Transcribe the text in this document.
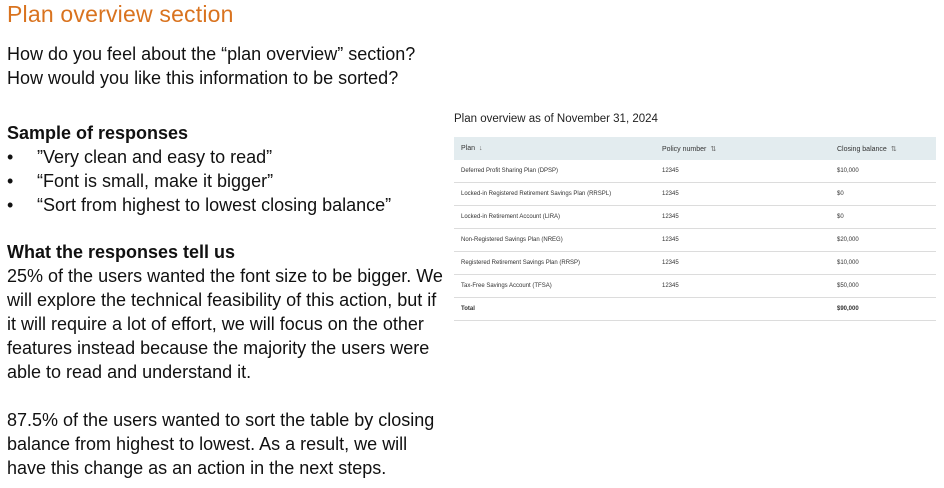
Plan overview section

How do you feel about the “plan overview” section? How would you like this information to be sorted?

Sample of responses
• ”Very clean and easy to read”
• “Font is small, make it bigger”
• “Sort from highest to lowest closing balance”
What the responses tell us

25% of the users wanted the font size to be bigger. We will explore the technical feasibility of this action, but if it will require a lot of effort, we will focus on the other features instead because the majority the users were able to read and understand it.

87.5% of the users wanted to sort the table by closing balance from highest to lowest. As a result, we will have this change as an action in the next steps.

Plan overview as of November 31, 2024
Plan ↓	Policy number ⇅	Closing balance ⇅
Deferred Profit Sharing Plan (DPSP)	12345	$10,000
Locked-in Registered Retirement Savings Plan (RRSPL)	12345	$0
Locked-in Retirement Account (LIRA)	12345	$0
Non-Registered Savings Plan (NREG)	12345	$20,000
Registered Retirement Savings Plan (RRSP)	12345	$10,000
Tax-Free Savings Account (TFSA)	12345	$50,000
Total		$90,000
